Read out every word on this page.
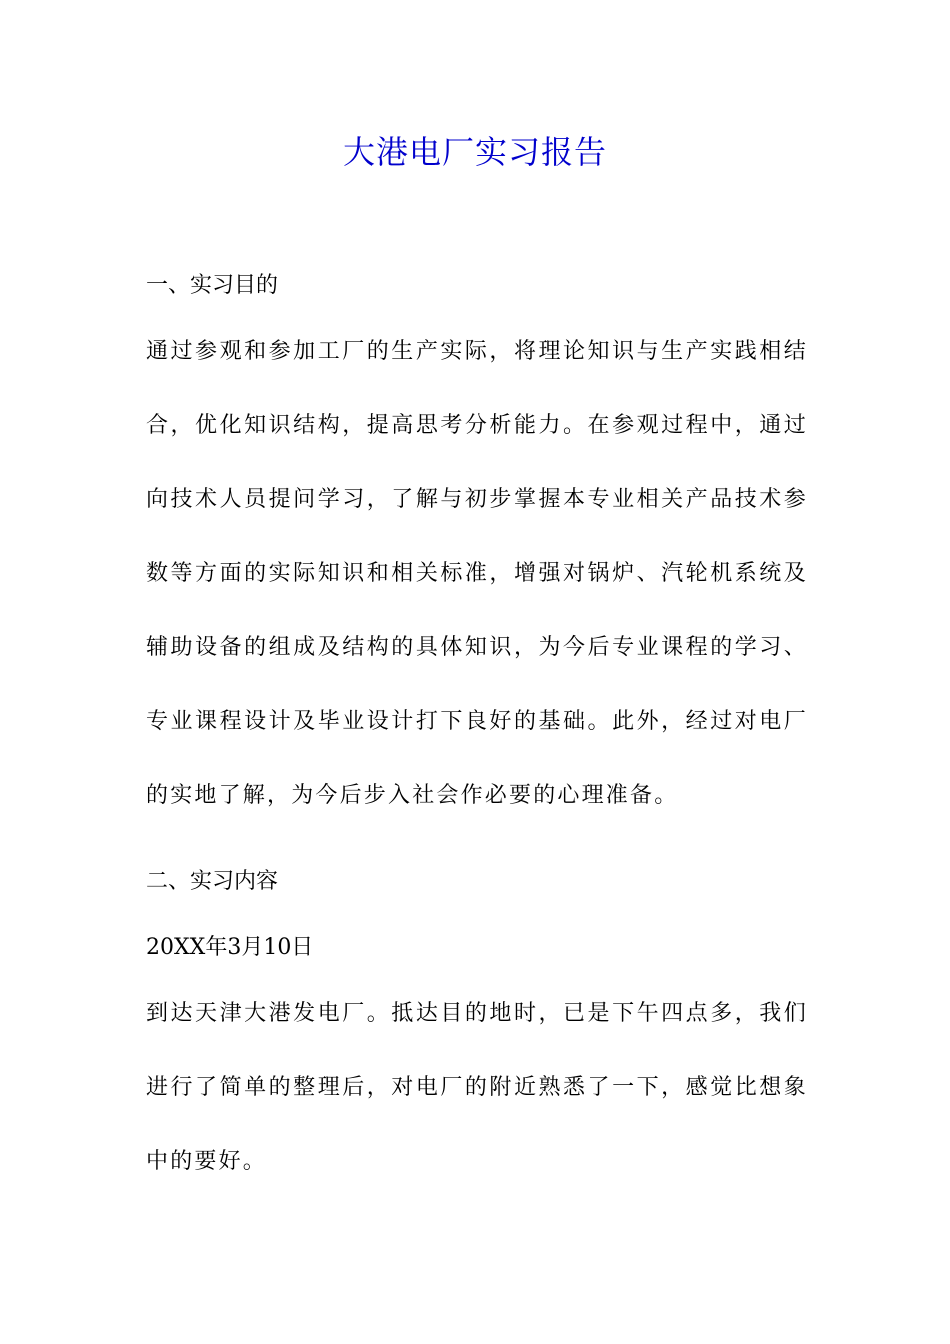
大港电厂实习报告
一、实习目的

通过参观和参加工厂的生产实际，将理论知识与生产实践相结合，优化知识结构，提高思考分析能力。在参观过程中，通过向技术人员提问学习，了解与初步掌握本专业相关产品技术参数等方面的实际知识和相关标准，增强对锅炉、汽轮机系统及辅助设备的组成及结构的具体知识，为今后专业课程的学习、专业课程设计及毕业设计打下良好的基础。此外，经过对电厂的实地了解，为今后步入社会作必要的心理准备。

二、实习内容
20XX年3月10日

到达天津大港发电厂。抵达目的地时，已是下午四点多，我们进行了简单的整理后，对电厂的附近熟悉了一下，感觉比想象中的要好。
